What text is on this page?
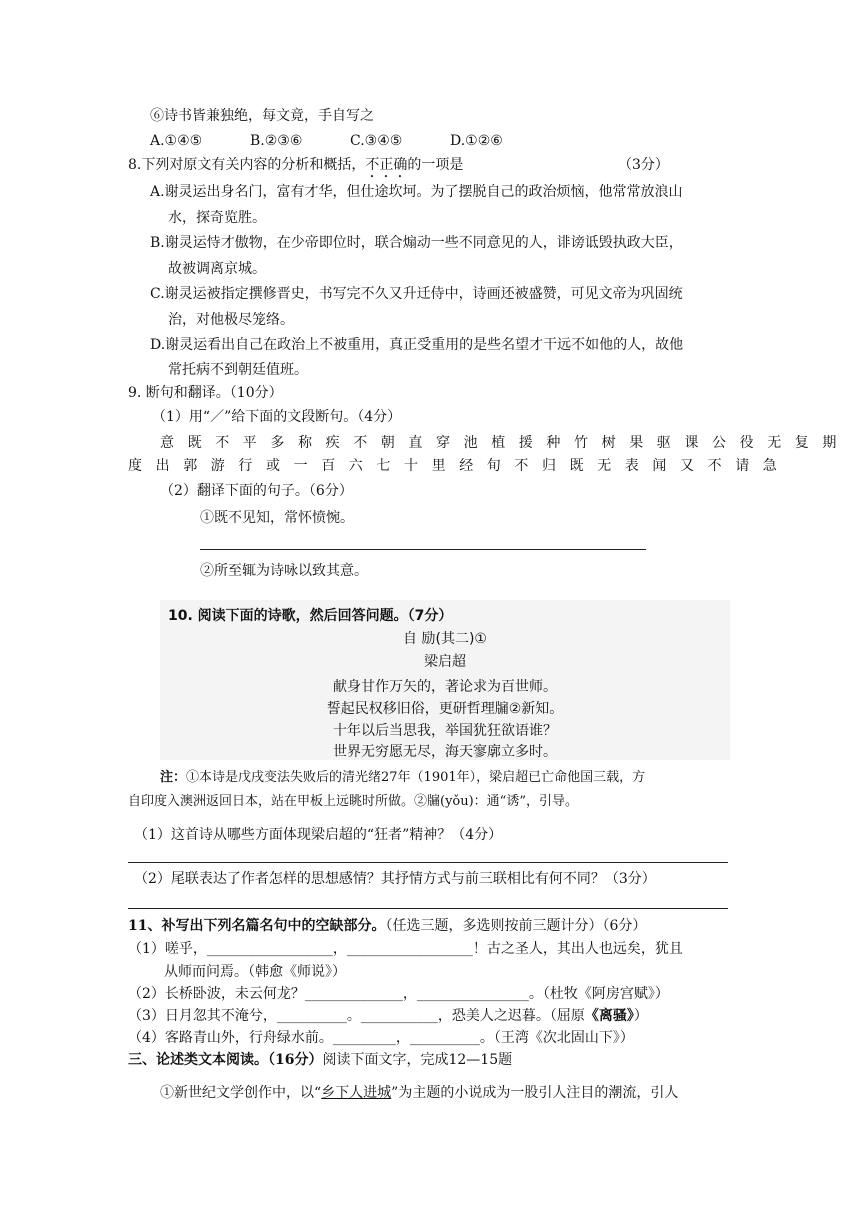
⑥诗书皆兼独绝，每文竟，手自写之
A.①④⑤	B.②③⑥	C.③④⑤	D.①②⑥
8.下列对原文有关内容的分析和概括，不正确的一项是	（3分）
A.谢灵运出身名门，富有才华，但仕途坎坷。为了摆脱自己的政治烦恼，他常常放浪山
水，探奇览胜。
B.谢灵运恃才傲物，在少帝即位时，联合煽动一些不同意见的人，诽谤诋毁执政大臣，
故被调离京城。
C.谢灵运被指定撰修晋史，书写完不久又升迁侍中，诗画还被盛赞，可见文帝为巩固统
治，对他极尽笼络。
D.谢灵运看出自己在政治上不被重用，真正受重用的是些名望才干远不如他的人，故他
常托病不到朝廷值班。
9. 断句和翻译。（10分）
（1）用“／”给下面的文段断句。（4分）
意既不平多称疾不朝直穿池植援种竹树果驱课公役无复期
度出郭游行或一百六七十里经旬不归既无表闻又不请急
（2）翻译下面的句子。（6分）
①既不见知，常怀愤惋。
②所至辄为诗咏以致其意。
10. 阅读下面的诗歌，然后回答问题。（7分）
自 励(其二)①
梁启超
献身甘作万矢的，著论求为百世师。
誓起民权移旧俗，更研哲理牖②新知。
十年以后当思我，举国犹狂欲语谁？
世界无穷愿无尽，海天寥廓立多时。
注：①本诗是戊戌变法失败后的清光绪27年（1901年），梁启超已亡命他国三载，方
自印度入澳洲返回日本，站在甲板上远眺时所做。②牖(yǒu)：通“诱”，引导。
（1）这首诗从哪些方面体现梁启超的“狂者”精神？（4分）
（2）尾联表达了作者怎样的思想感情？其抒情方式与前三联相比有何不同？（3分）
11、补写出下列名篇名句中的空缺部分。（任选三题，多选则按前三题计分）（6分）
（1）嗟乎，__________________，__________________！古之圣人，其出人也远矣，犹且
从师而问焉。（韩愈《师说》）
（2）长桥卧波，未云何龙？______________，________________。（杜牧《阿房宫赋》）
（3）日月忽其不淹兮，__________。___________，恐美人之迟暮。（屈原《离骚》）
（4）客路青山外，行舟绿水前。_________，__________。（王湾《次北固山下》）
三、论述类文本阅读。（16分）阅读下面文字，完成12—15题
①新世纪文学创作中，以“乡下人进城”为主题的小说成为一股引人注目的潮流，引人
